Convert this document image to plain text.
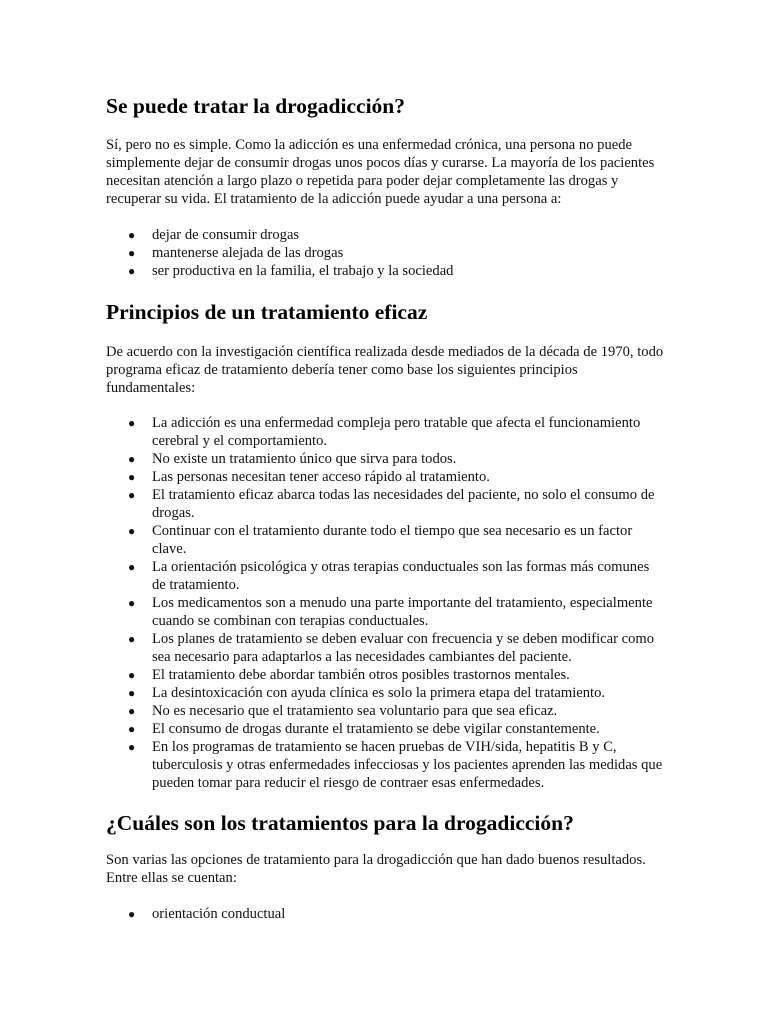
Se puede tratar la drogadicción?

Sí, pero no es simple. Como la adicción es una enfermedad crónica, una persona no puede simplemente dejar de consumir drogas unos pocos días y curarse. La mayoría de los pacientes necesitan atención a largo plazo o repetida para poder dejar completamente las drogas y recuperar su vida. El tratamiento de la adicción puede ayudar a una persona a:

● dejar de consumir drogas
● mantenerse alejada de las drogas
● ser productiva en la familia, el trabajo y la sociedad
Principios de un tratamiento eficaz

De acuerdo con la investigación científica realizada desde mediados de la década de 1970, todo programa eficaz de tratamiento debería tener como base los siguientes principios fundamentales:

● La adicción es una enfermedad compleja pero tratable que afecta el funcionamiento cerebral y el comportamiento.
● No existe un tratamiento único que sirva para todos.
● Las personas necesitan tener acceso rápido al tratamiento.
● El tratamiento eficaz abarca todas las necesidades del paciente, no solo el consumo de drogas.
● Continuar con el tratamiento durante todo el tiempo que sea necesario es un factor clave.
● La orientación psicológica y otras terapias conductuales son las formas más comunes de tratamiento.
● Los medicamentos son a menudo una parte importante del tratamiento, especialmente cuando se combinan con terapias conductuales.
● Los planes de tratamiento se deben evaluar con frecuencia y se deben modificar como sea necesario para adaptarlos a las necesidades cambiantes del paciente.
● El tratamiento debe abordar también otros posibles trastornos mentales.
● La desintoxicación con ayuda clínica es solo la primera etapa del tratamiento.
● No es necesario que el tratamiento sea voluntario para que sea eficaz.
● El consumo de drogas durante el tratamiento se debe vigilar constantemente.
● En los programas de tratamiento se hacen pruebas de VIH/sida, hepatitis B y C, tuberculosis y otras enfermedades infecciosas y los pacientes aprenden las medidas que pueden tomar para reducir el riesgo de contraer esas enfermedades.
¿Cuáles son los tratamientos para la drogadicción?

Son varias las opciones de tratamiento para la drogadicción que han dado buenos resultados. Entre ellas se cuentan:

● orientación conductual
